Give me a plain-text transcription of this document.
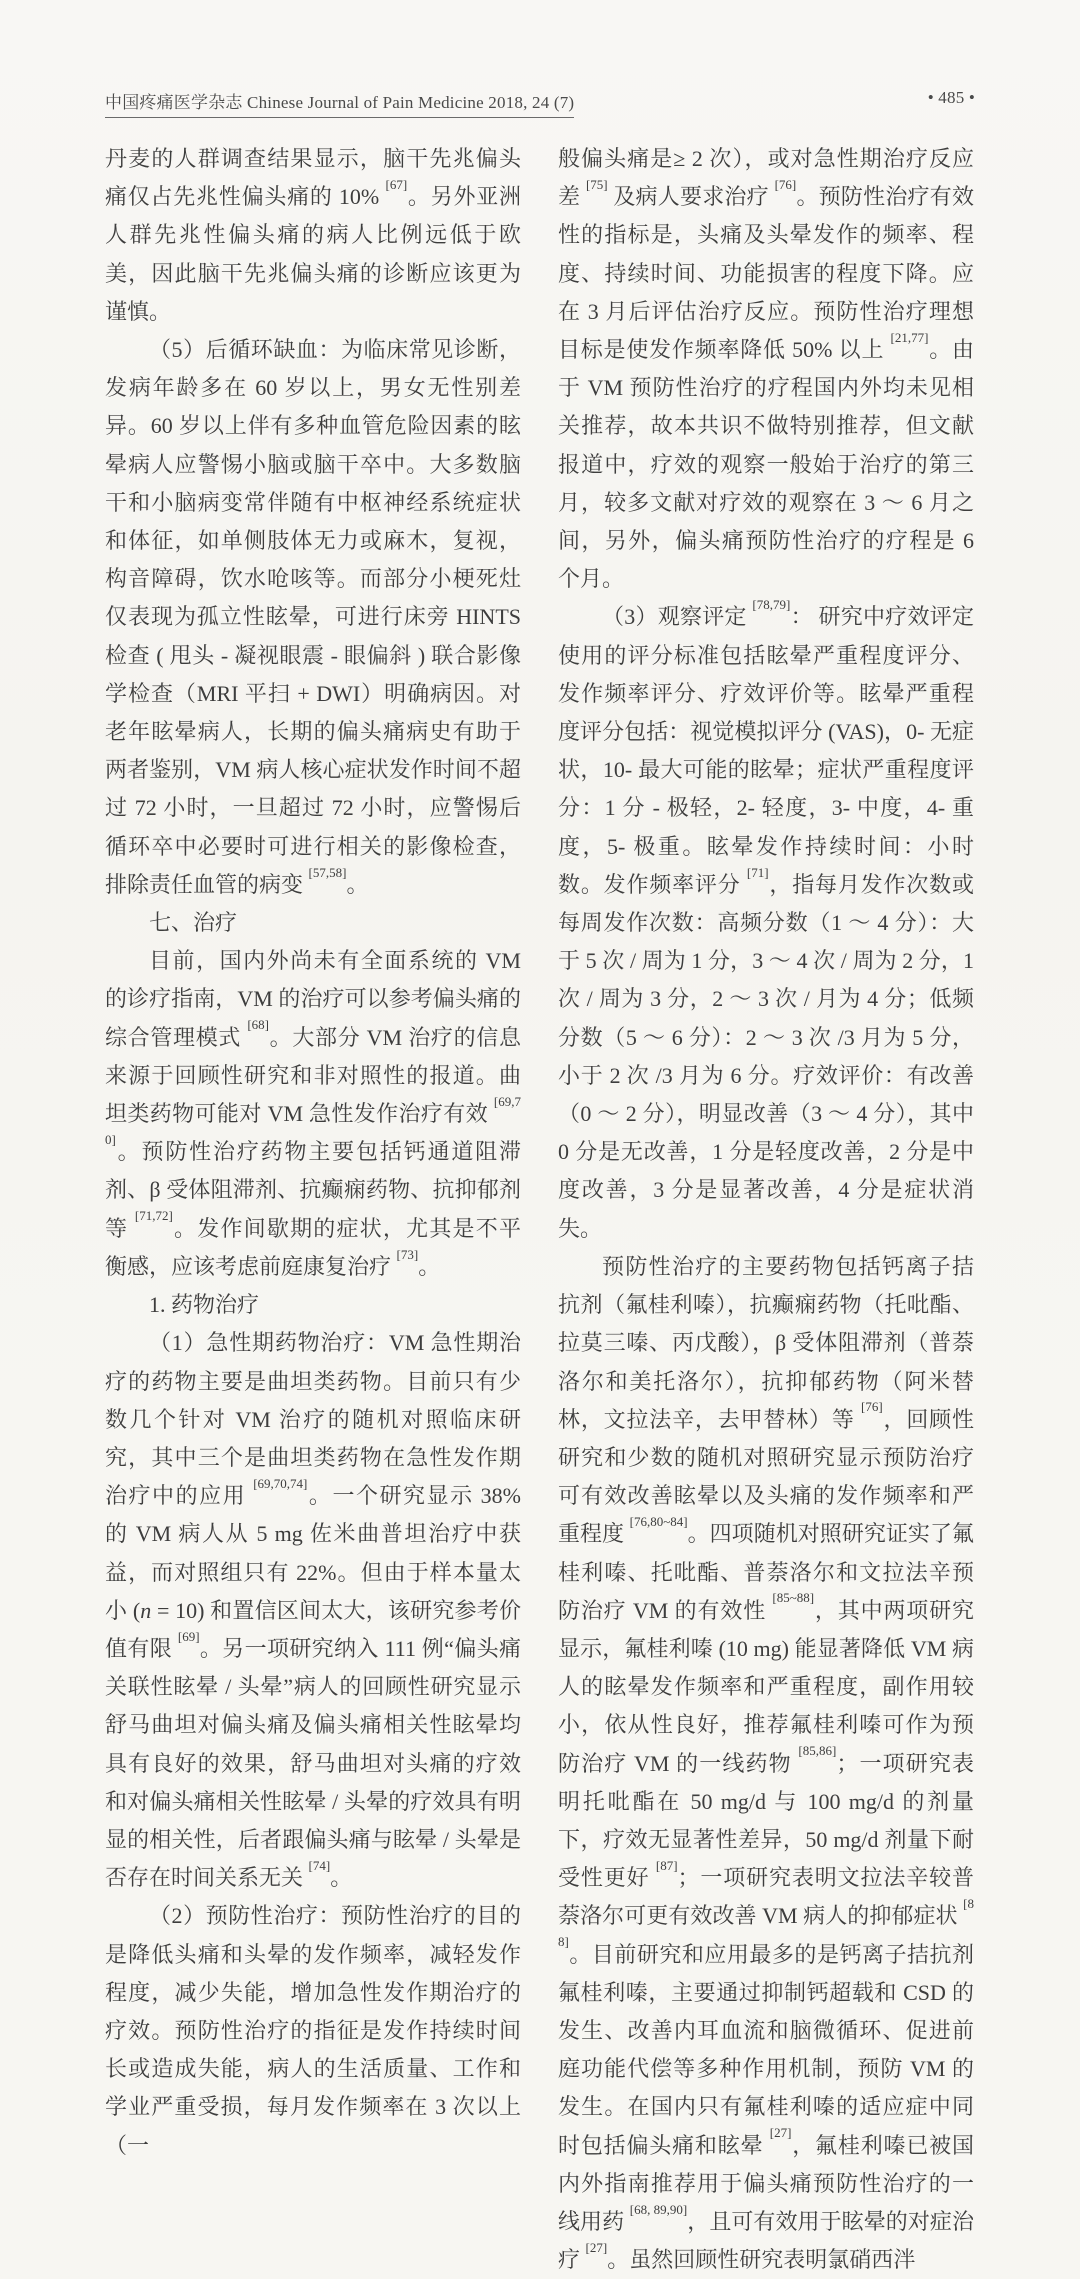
中国疼痛医学杂志 Chinese Journal of Pain Medicine 2018, 24 (7)	• 485 •

丹麦的人群调查结果显示，脑干先兆偏头痛仅占先兆性偏头痛的 10% [67]。另外亚洲人群先兆性偏头痛的病人比例远低于欧美，因此脑干先兆偏头痛的诊断应该更为谨慎。

（5）后循环缺血：为临床常见诊断，发病年龄多在 60 岁以上，男女无性别差异。60 岁以上伴有多种血管危险因素的眩晕病人应警惕小脑或脑干卒中。大多数脑干和小脑病变常伴随有中枢神经系统症状和体征，如单侧肢体无力或麻木，复视，构音障碍，饮水呛咳等。而部分小梗死灶仅表现为孤立性眩晕，可进行床旁 HINTS 检查 ( 甩头 - 凝视眼震 - 眼偏斜 ) 联合影像学检查（MRI 平扫 + DWI）明确病因。对老年眩晕病人，长期的偏头痛病史有助于两者鉴别，VM 病人核心症状发作时间不超过 72 小时，一旦超过 72 小时，应警惕后循环卒中必要时可进行相关的影像检查，排除责任血管的病变 [57,58]。

七、治疗

目前，国内外尚未有全面系统的 VM 的诊疗指南，VM 的治疗可以参考偏头痛的综合管理模式 [68]。大部分 VM 治疗的信息来源于回顾性研究和非对照性的报道。曲坦类药物可能对 VM 急性发作治疗有效 [69,70]。预防性治疗药物主要包括钙通道阻滞剂、β 受体阻滞剂、抗癫痫药物、抗抑郁剂等 [71,72]。发作间歇期的症状，尤其是不平衡感，应该考虑前庭康复治疗 [73]。

1. 药物治疗

（1）急性期药物治疗：VM 急性期治疗的药物主要是曲坦类药物。目前只有少数几个针对 VM 治疗的随机对照临床研究，其中三个是曲坦类药物在急性发作期治疗中的应用 [69,70,74]。一个研究显示 38% 的 VM 病人从 5 mg 佐米曲普坦治疗中获益，而对照组只有 22%。但由于样本量太小 (n = 10) 和置信区间太大，该研究参考价值有限 [69]。另一项研究纳入 111 例“偏头痛关联性眩晕 / 头晕”病人的回顾性研究显示舒马曲坦对偏头痛及偏头痛相关性眩晕均具有良好的效果，舒马曲坦对头痛的疗效和对偏头痛相关性眩晕 / 头晕的疗效具有明显的相关性，后者跟偏头痛与眩晕 / 头晕是否存在时间关系无关 [74]。

（2）预防性治疗：预防性治疗的目的是降低头痛和头晕的发作频率，减轻发作程度，减少失能，增加急性发作期治疗的疗效。预防性治疗的指征是发作持续时间长或造成失能，病人的生活质量、工作和学业严重受损，每月发作频率在 3 次以上（一

般偏头痛是≥ 2 次），或对急性期治疗反应差 [75] 及病人要求治疗 [76]。预防性治疗有效性的指标是，头痛及头晕发作的频率、程度、持续时间、功能损害的程度下降。应在 3 月后评估治疗反应。预防性治疗理想目标是使发作频率降低 50% 以上 [21,77]。由于 VM 预防性治疗的疗程国内外均未见相关推荐，故本共识不做特别推荐，但文献报道中，疗效的观察一般始于治疗的第三月，较多文献对疗效的观察在 3 ～ 6 月之间，另外，偏头痛预防性治疗的疗程是 6 个月。

（3）观察评定 [78,79]： 研究中疗效评定使用的评分标准包括眩晕严重程度评分、发作频率评分、疗效评价等。眩晕严重程度评分包括：视觉模拟评分 (VAS)，0- 无症状，10- 最大可能的眩晕；症状严重程度评分：1 分 - 极轻，2- 轻度，3- 中度，4- 重度，5- 极重。眩晕发作持续时间：小时数。发作频率评分 [71]，指每月发作次数或每周发作次数：高频分数（1 ～ 4 分）：大于 5 次 / 周为 1 分，3 ～ 4 次 / 周为 2 分，1 次 / 周为 3 分，2 ～ 3 次 / 月为 4 分；低频分数（5 ～ 6 分）：2 ～ 3 次 /3 月为 5 分，小于 2 次 /3 月为 6 分。疗效评价：有改善（0 ～ 2 分），明显改善（3 ～ 4 分），其中 0 分是无改善，1 分是轻度改善，2 分是中度改善，3 分是显著改善，4 分是症状消失。

预防性治疗的主要药物包括钙离子拮抗剂（氟桂利嗪），抗癫痫药物（托吡酯、拉莫三嗪、丙戊酸），β 受体阻滞剂（普萘洛尔和美托洛尔），抗抑郁药物（阿米替林，文拉法辛，去甲替林）等 [76]，回顾性研究和少数的随机对照研究显示预防治疗可有效改善眩晕以及头痛的发作频率和严重程度 [76,80~84]。四项随机对照研究证实了氟桂利嗪、托吡酯、普萘洛尔和文拉法辛预防治疗 VM 的有效性 [85~88]，其中两项研究显示，氟桂利嗪 (10 mg) 能显著降低 VM 病人的眩晕发作频率和严重程度，副作用较小，依从性良好，推荐氟桂利嗪可作为预防治疗 VM 的一线药物 [85,86]；一项研究表明托吡酯在 50 mg/d 与 100 mg/d 的剂量下，疗效无显著性差异，50 mg/d 剂量下耐受性更好 [87]；一项研究表明文拉法辛较普萘洛尔可更有效改善 VM 病人的抑郁症状 [88]。目前研究和应用最多的是钙离子拮抗剂氟桂利嗪，主要通过抑制钙超载和 CSD 的发生、改善内耳血流和脑微循环、促进前庭功能代偿等多种作用机制，预防 VM 的发生。在国内只有氟桂利嗪的适应症中同时包括偏头痛和眩晕 [27]，氟桂利嗪已被国内外指南推荐用于偏头痛预防性治疗的一线用药 [68, 89,90]，且可有效用于眩晕的对症治疗 [27]。虽然回顾性研究表明氯硝西泮
